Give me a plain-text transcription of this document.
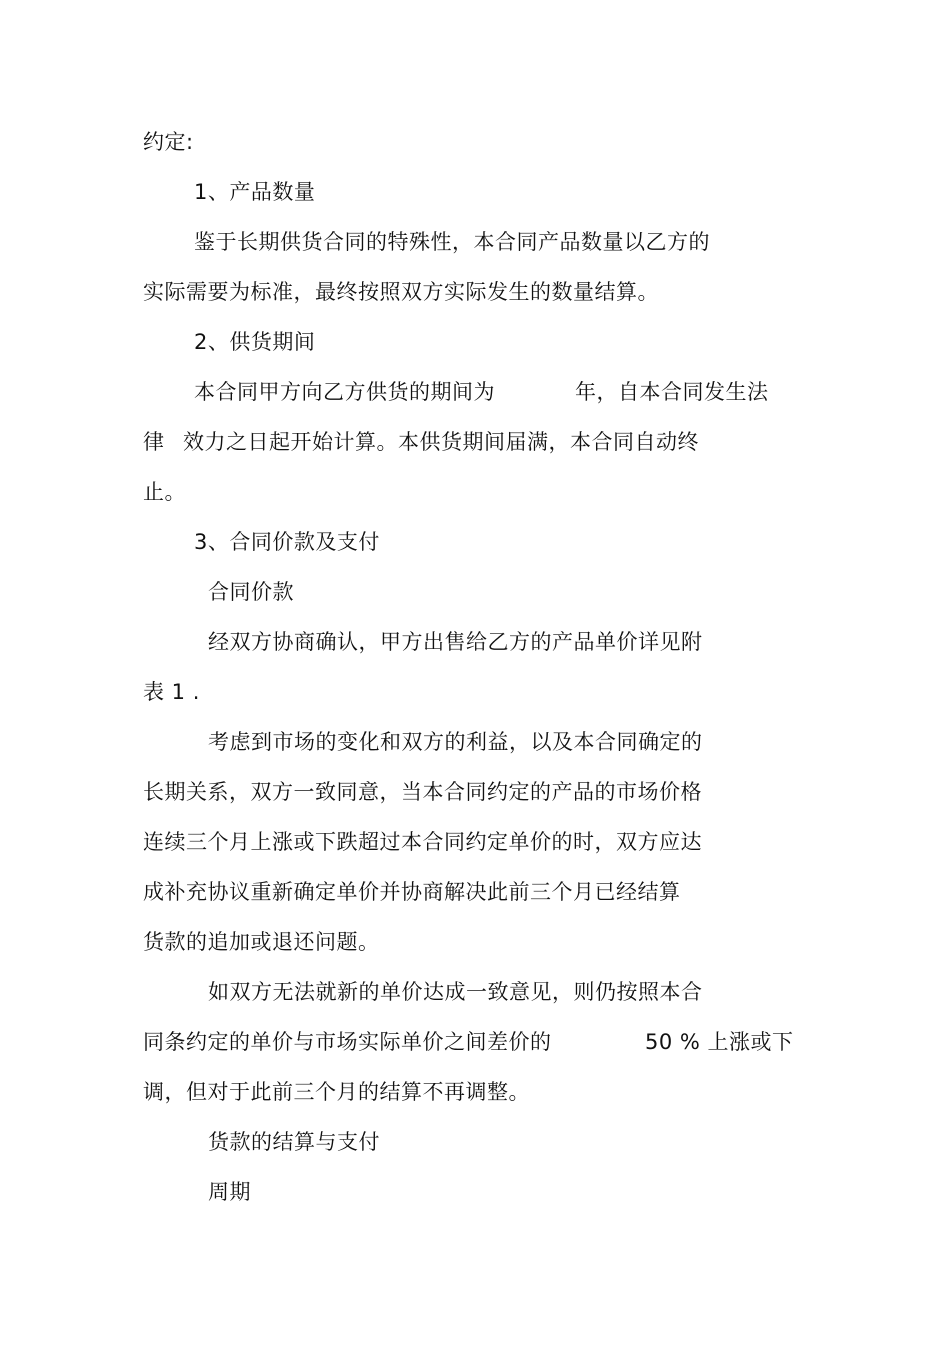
约定:
1、产品数量
鉴于长期供货合同的特殊性，本合同产品数量以乙方的
实际需要为标准，最终按照双方实际发生的数量结算。
2、供货期间
本合同甲方向乙方供货的期间为	年，自本合同发生法
律 效力之日起开始计算。本供货期间届满，本合同自动终
止。
3、合同价款及支付
合同价款
经双方协商确认，甲方出售给乙方的产品单价详见附
表 1 .
考虑到市场的变化和双方的利益，以及本合同确定的
长期关系，双方一致同意，当本合同约定的产品的市场价格
连续三个月上涨或下跌超过本合同约定单价的时，双方应达
成补充协议重新确定单价并协商解决此前三个月已经结算
货款的追加或退还问题。
如双方无法就新的单价达成一致意见，则仍按照本合
同条约定的单价与市场实际单价之间差价的	50 % 上涨或下
调，但对于此前三个月的结算不再调整。
货款的结算与支付
周期
